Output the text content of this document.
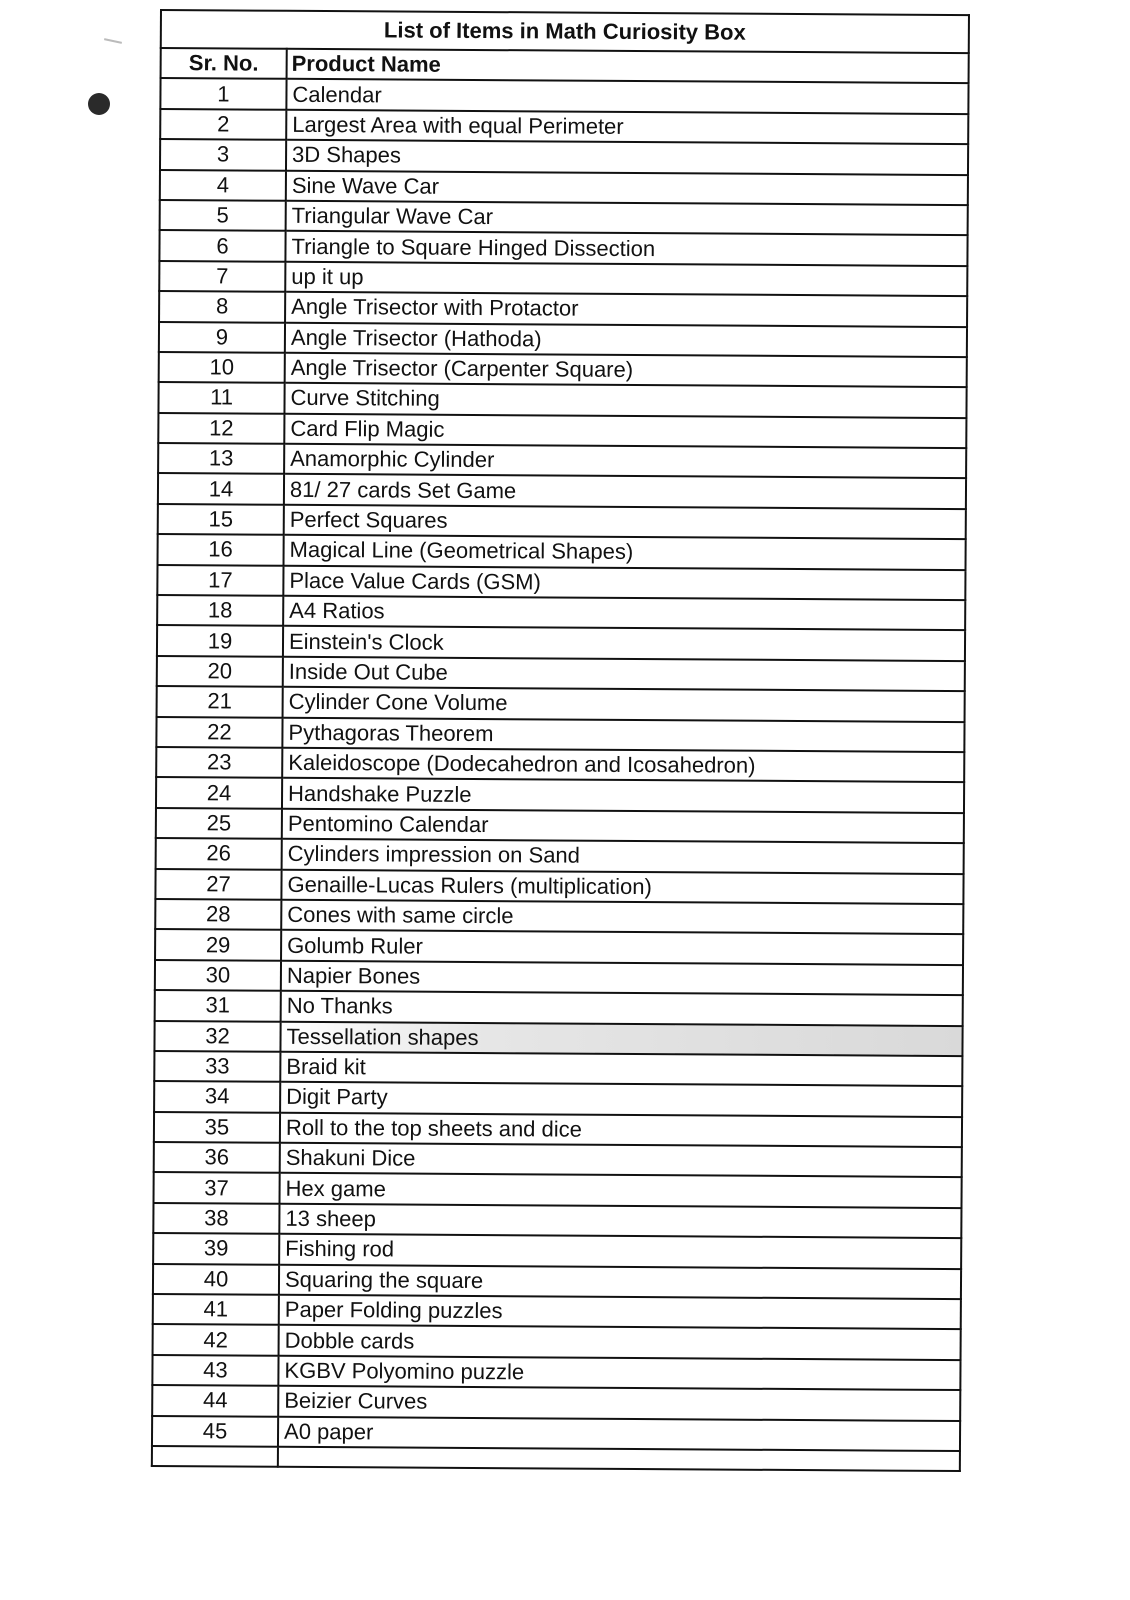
List of Items in Math Curiosity Box	
Sr. No.	Product Name
1	Calendar
2	Largest Area with equal Perimeter
3	3D Shapes
4	Sine Wave Car
5	Triangular Wave Car
6	Triangle to Square Hinged Dissection
7	up it up
8	Angle Trisector with Protactor
9	Angle Trisector (Hathoda)
10	Angle Trisector (Carpenter Square)
11	Curve Stitching
12	Card Flip Magic
13	Anamorphic Cylinder
14	81/ 27 cards Set Game
15	Perfect Squares
16	Magical Line (Geometrical Shapes)
17	Place Value Cards (GSM)
18	A4 Ratios
19	Einstein's Clock
20	Inside Out Cube
21	Cylinder Cone Volume
22	Pythagoras Theorem
23	Kaleidoscope (Dodecahedron and Icosahedron)
24	Handshake Puzzle
25	Pentomino Calendar
26	Cylinders impression on Sand
27	Genaille-Lucas Rulers (multiplication)
28	Cones with same circle
29	Golumb Ruler
30	Napier Bones
31	No Thanks
32	Tessellation shapes
33	Braid kit
34	Digit Party
35	Roll to the top sheets and dice
36	Shakuni Dice
37	Hex game
38	13 sheep
39	Fishing rod
40	Squaring the square
41	Paper Folding puzzles
42	Dobble cards
43	KGBV Polyomino puzzle
44	Beizier Curves
45	A0 paper
